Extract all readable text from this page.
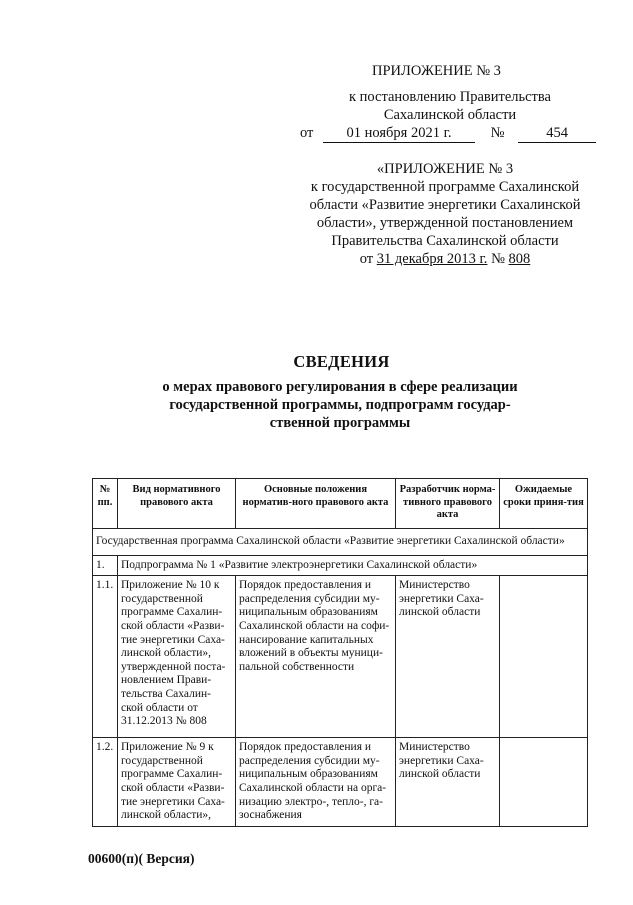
ПРИЛОЖЕНИЕ № 3
к постановлению Правительства
Сахалинской области
от 01 ноября 2021 г.	№	454
«ПРИЛОЖЕНИЕ № 3
к государственной программе Сахалинской
области «Развитие энергетики Сахалинской
области», утвержденной постановлением
Правительства Сахалинской области
от 31 декабря 2013 г. № 808
СВЕДЕНИЯ
о мерах правового регулирования в сфере реализации
государственной программы, подпрограмм государ-
ственной программы
№ пп.	Вид нормативного правового акта	Основные положения норматив-ного правового акта	Разработчик норма-тивного правового акта	Ожидаемые сроки приня-тия
Государственная программа Сахалинской области «Развитие энергетики Сахалинской области»				
1.	Подпрограмма № 1 «Развитие электроэнергетики Сахалинской области»			
1.1.	Приложение № 10 к государственной программе Сахалин-ской области «Разви-тие энергетики Саха-линской области», утвержденной поста-новлением Прави-тельства Сахалин-ской области от 31.12.2013 № 808	Порядок предоставления и распределения субсидии му-ниципальным образованиям Сахалинской области на софи-нансирование капитальных вложений в объекты муници-пальной собственности	Министерство энергетики Саха-линской области	
1.2.	Приложение № 9 к государственной программе Сахалин-ской области «Разви-тие энергетики Саха-линской области»,	Порядок предоставления и распределения субсидии му-ниципальным образованиям Сахалинской области на орга-низацию электро-, тепло-, га-зоснабжения	Министерство энергетики Саха-линской области	
00600(п)( Версия)
